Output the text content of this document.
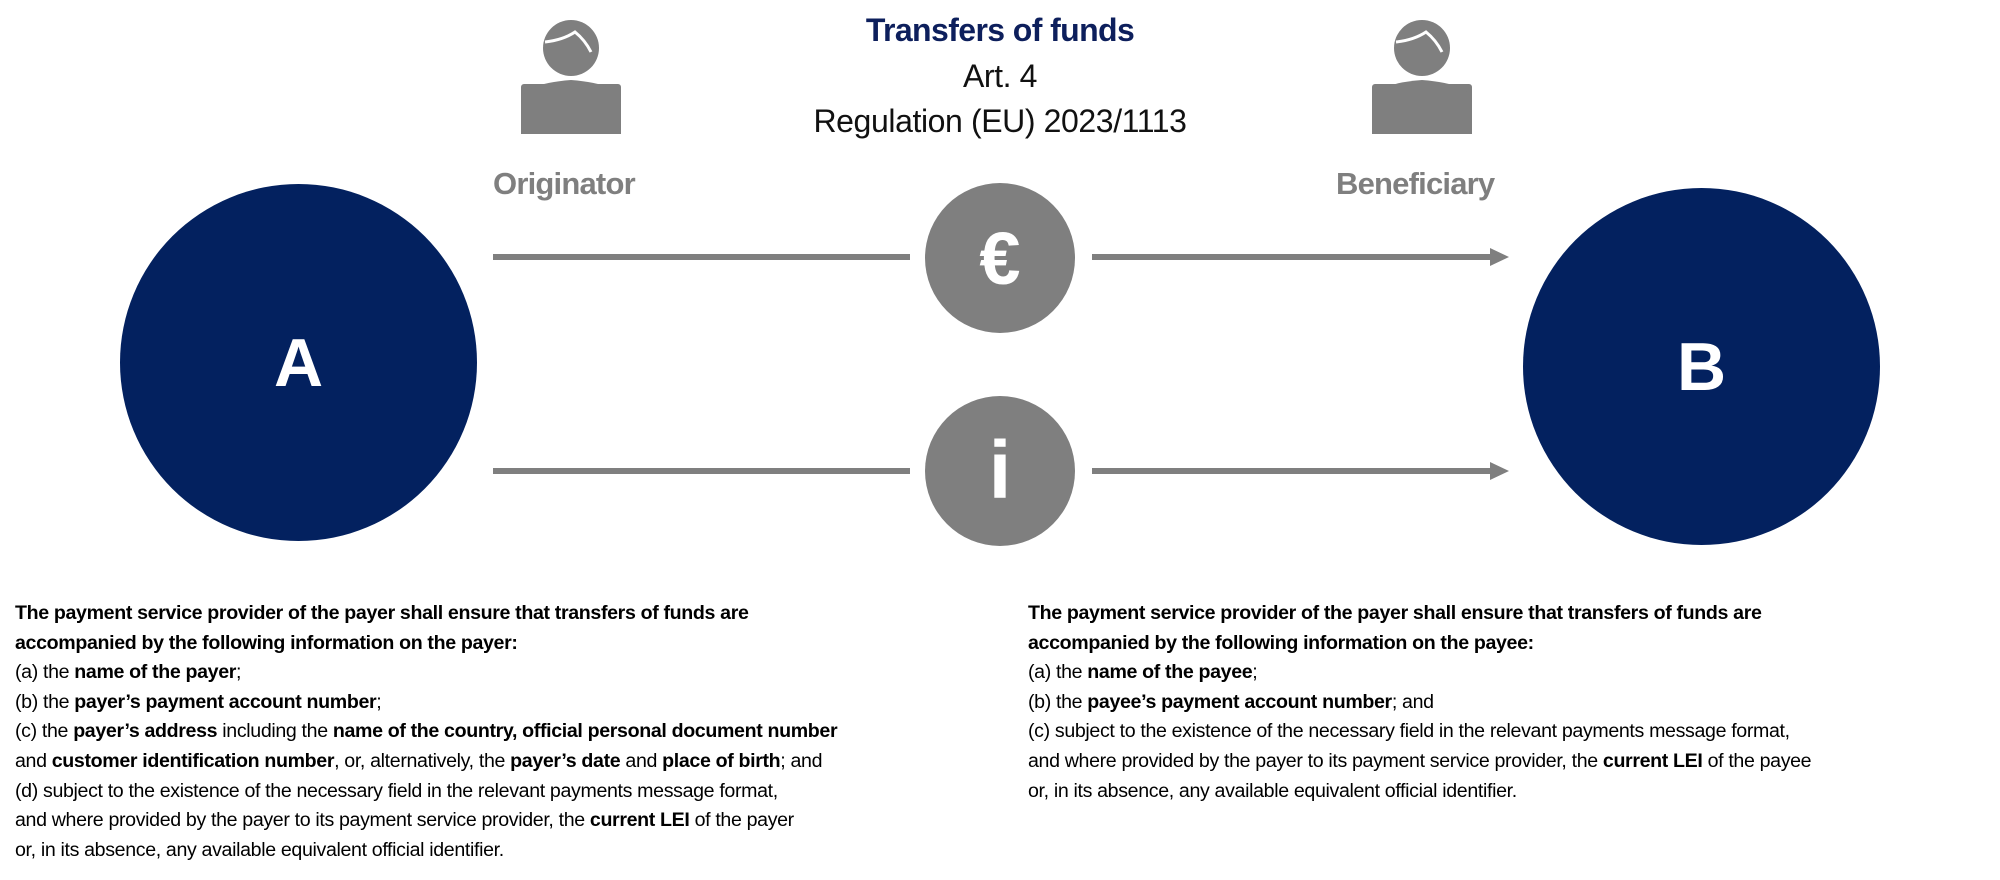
Transfers of funds
Art. 4
Regulation (EU) 2023/1113
Originator	Beneficiary
A	B
€
i
The payment service provider of the payer shall ensure that transfers of funds are
accompanied by the following information on the payer:
(a) the name of the payer;
(b) the payer’s payment account number;
(c) the payer’s address including the name of the country, official personal document number
and customer identification number, or, alternatively, the payer’s date and place of birth; and
(d) subject to the existence of the necessary field in the relevant payments message format,
and where provided by the payer to its payment service provider, the current LEI of the payer
or, in its absence, any available equivalent official identifier.
The payment service provider of the payer shall ensure that transfers of funds are
accompanied by the following information on the payee:
(a) the name of the payee;
(b) the payee’s payment account number; and
(c) subject to the existence of the necessary field in the relevant payments message format,
and where provided by the payer to its payment service provider, the current LEI of the payee
or, in its absence, any available equivalent official identifier.
